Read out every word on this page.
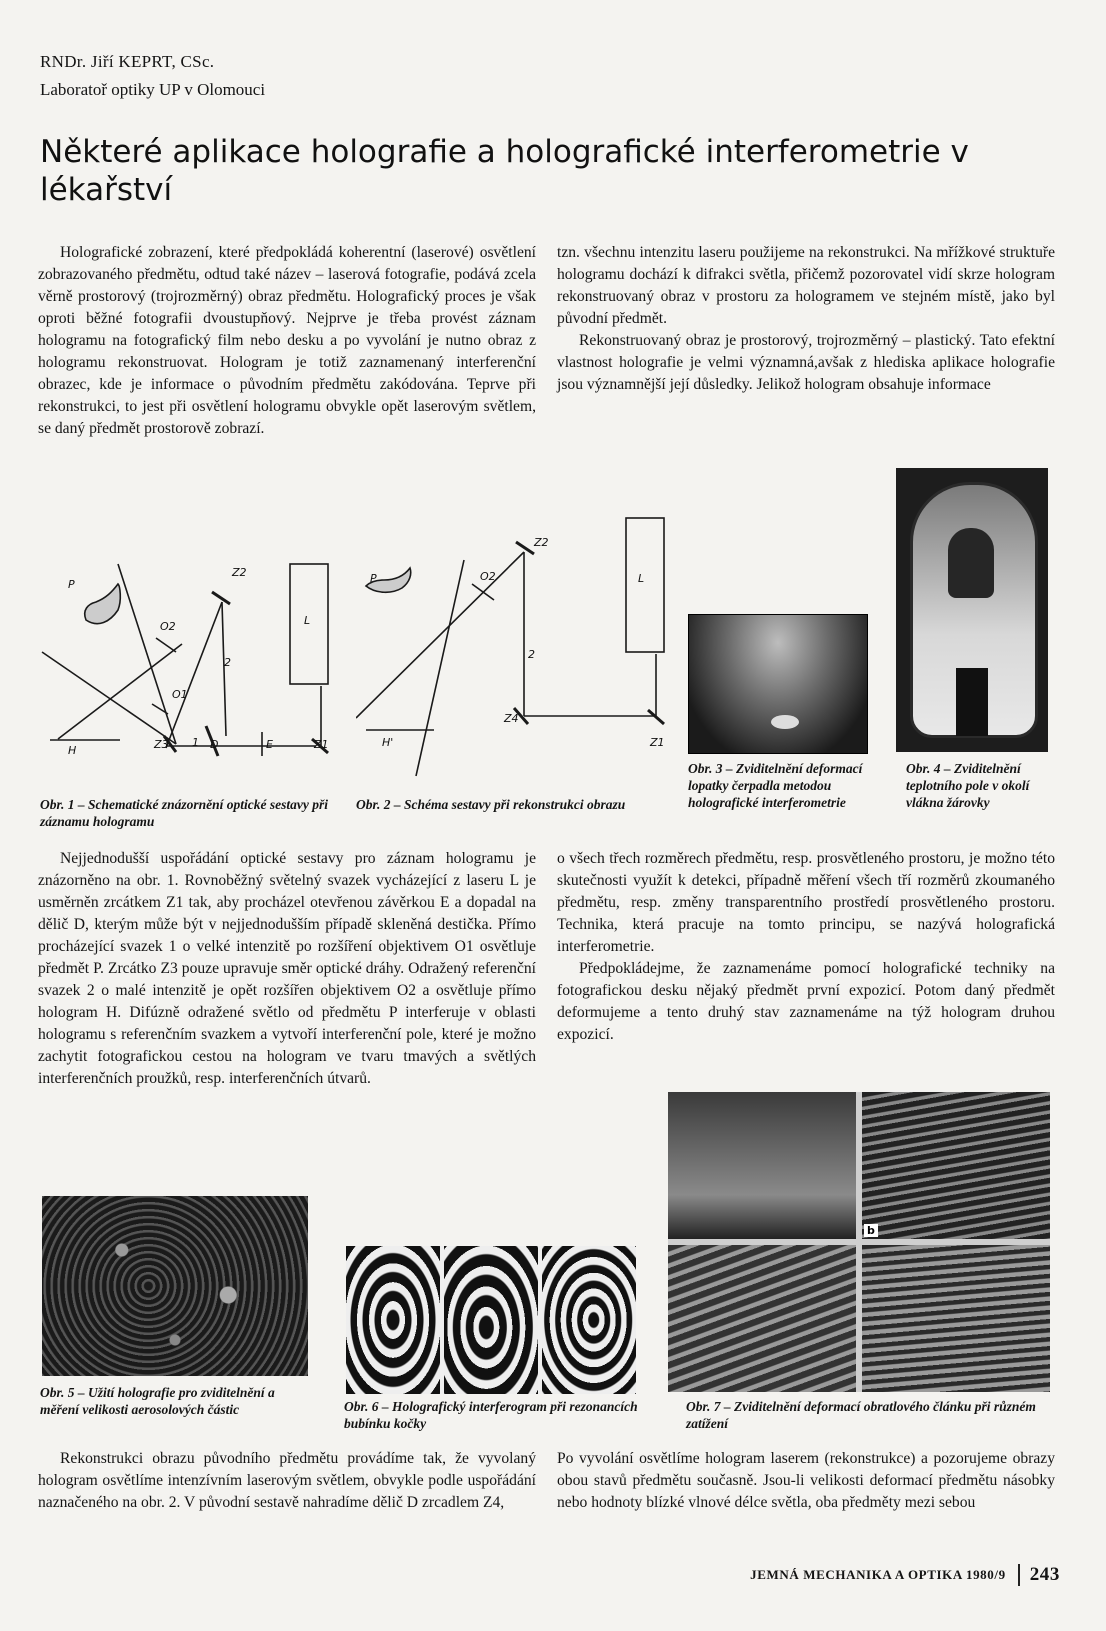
RNDr. Jiří KEPRT, CSc.
Laboratoř optiky UP v Olomouci
Některé aplikace holografie a holografické interferometrie v lékařství

Holografické zobrazení, které předpokládá koherentní (laserové) osvětlení zobrazovaného předmětu, odtud také název – laserová fotografie, podává zcela věrně prostorový (trojrozměrný) obraz předmětu. Holografický proces je však oproti běžné fotografii dvoustupňový. Nejprve je třeba provést záznam hologramu na fotografický film nebo desku a po vyvolání je nutno obraz z hologramu rekonstruovat. Hologram je totiž zaznamenaný interferenční obrazec, kde je informace o původním předmětu zakódována. Teprve při rekonstrukci, to jest při osvětlení hologramu obvykle opět laserovým světlem, se daný předmět prostorově zobrazí.

tzn. všechnu intenzitu laseru použijeme na rekonstrukci. Na mřížkové struktuře hologramu dochází k difrakci světla, přičemž pozorovatel vidí skrze hologram rekonstruovaný obraz v prostoru za hologramem ve stejném místě, jako byl původní předmět.

Rekonstruovaný obraz je prostorový, trojrozměrný – plastický. Tato efektní vlastnost holografie je velmi významná,avšak z hlediska aplikace holografie jsou významnější její důsledky. Jelikož hologram obsahuje informace

P
O2
O1
Z2
L
2
Z3 1 D	E	Z1
H
Obr. 1 – Schematické znázornění optické sestavy při záznamu hologramu
P	O2
Z2
L
2
Z4
Z1
H'
Obr. 2 – Schéma sestavy při rekonstrukci obrazu
Obr. 3 – Zviditelnění deformací lopatky čerpadla metodou holografické interferometrie
Obr. 4 – Zviditelnění teplotního pole v okolí vlákna žárovky

Nejjednodušší uspořádání optické sestavy pro záznam hologramu je znázorněno na obr. 1. Rovnoběžný světelný svazek vycházející z laseru L je usměrněn zrcátkem Z1 tak, aby procházel otevřenou závěrkou E a dopadal na dělič D, kterým může být v nejjednodušším případě skleněná destička. Přímo procházející svazek 1 o velké intenzitě po rozšíření objektivem O1 osvětluje předmět P. Zrcátko Z3 pouze upravuje směr optické dráhy. Odražený referenční svazek 2 o malé intenzitě je opět rozšířen objektivem O2 a osvětluje přímo hologram H. Difúzně odražené světlo od předmětu P interferuje v oblasti hologramu s referenčním svazkem a vytvoří interferenční pole, které je možno zachytit fotografickou cestou na hologram ve tvaru tmavých a světlých interferenčních proužků, resp. interferenčních útvarů.

o všech třech rozměrech předmětu, resp. prosvětleného prostoru, je možno této skutečnosti využít k detekci, případně měření všech tří rozměrů zkoumaného předmětu, resp. změny transparentního prostředí prosvětleného prostoru. Technika, která pracuje na tomto principu, se nazývá holografická interferometrie.

Předpokládejme, že zaznamenáme pomocí holografické techniky na fotografickou desku nějaký předmět první expozicí. Potom daný předmět deformujeme a tento druhý stav zaznamenáme na týž hologram druhou expozicí.

Obr. 5 – Užití holografie pro zviditelnění a měření velikosti aerosolových částic	Obr. 6 – Holografický interferogram při rezonancích bubínku kočky
b
Obr. 7 – Zviditelnění deformací obratlového článku při různém zatížení

Rekonstrukci obrazu původního předmětu provádíme tak, že vyvolaný hologram osvětlíme intenzívním laserovým světlem, obvykle podle uspořádání naznačeného na obr. 2. V původní sestavě nahradíme dělič D zrcadlem Z4,

Po vyvolání osvětlíme hologram laserem (rekonstrukce) a pozorujeme obrazy obou stavů předmětu současně. Jsou-li velikosti deformací předmětu násobky nebo hodnoty blízké vlnové délce světla, oba předměty mezi sebou

JEMNÁ MECHANIKA A OPTIKA 1980/9	243
